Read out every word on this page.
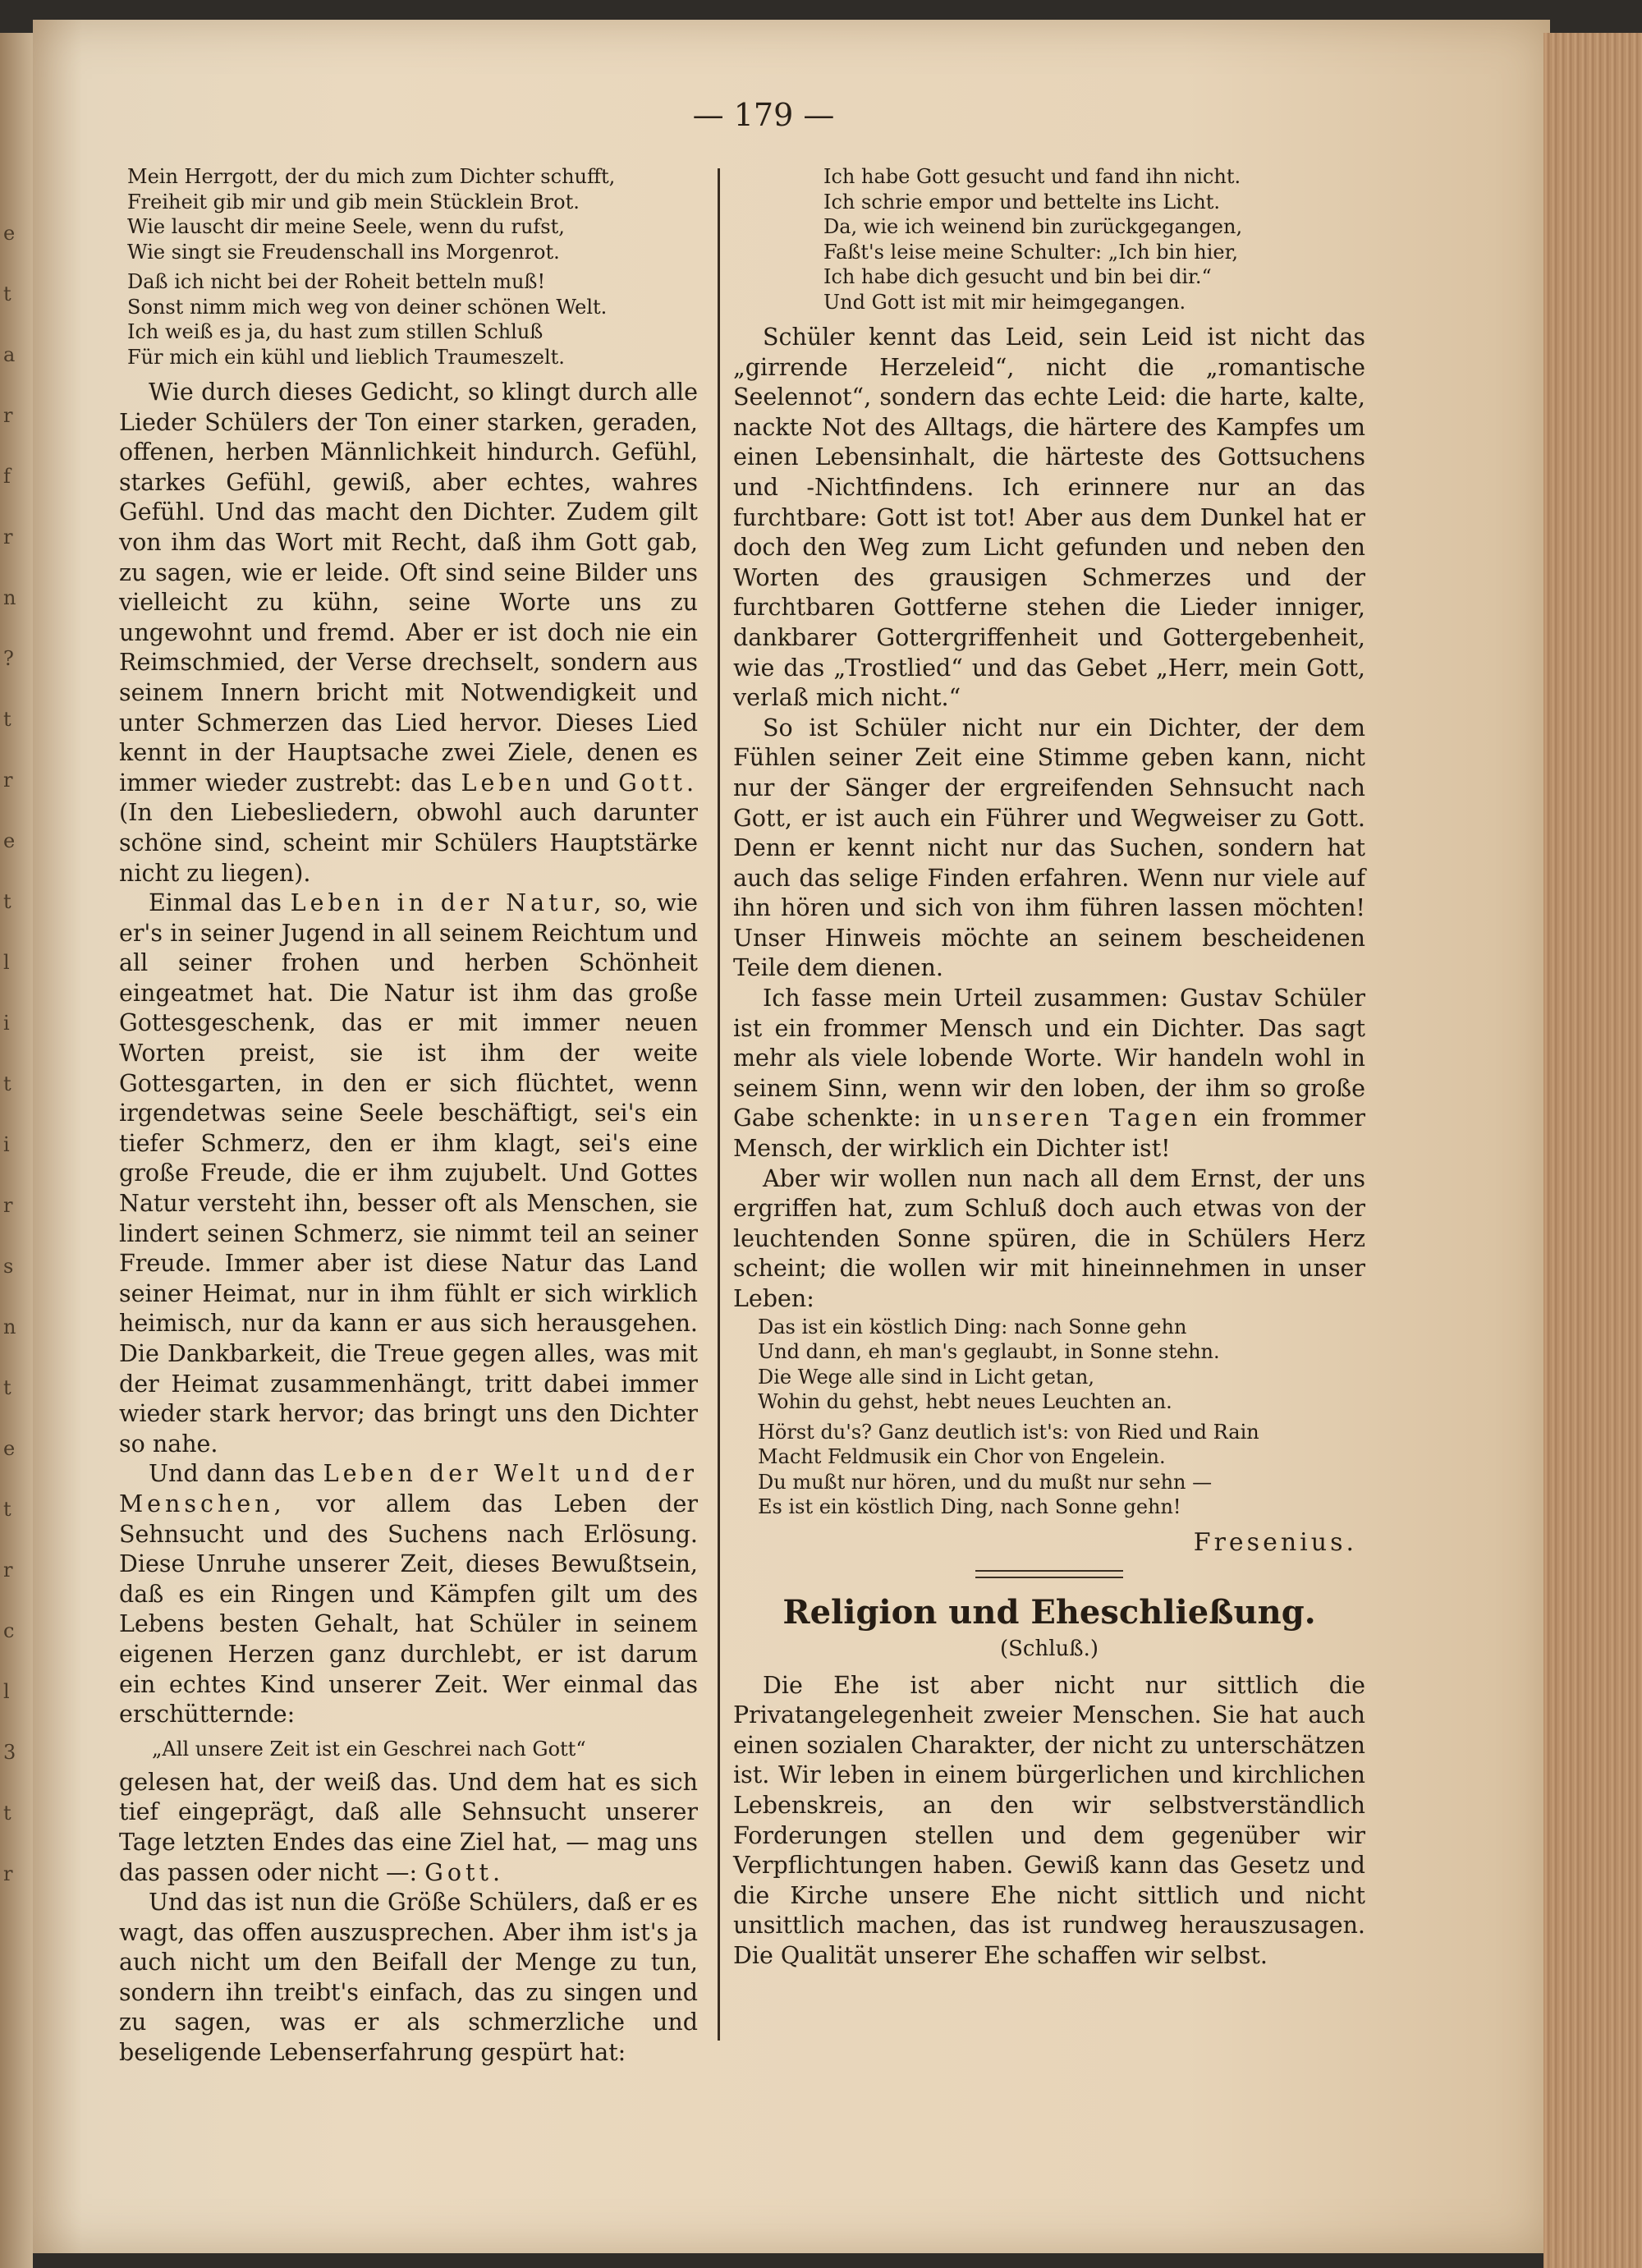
e
t
a
r
f
r
n
?
t
r
e
t
l
i
t
i
r
s
n
t
e
t
r
c
l
3
t
r
— 179 —

Mein Herrgott, der du mich zum Dichter schufft,

Freiheit gib mir und gib mein Stücklein Brot.

Wie lauscht dir meine Seele, wenn du rufst,

Wie singt sie Freudenschall ins Morgenrot.

Daß ich nicht bei der Roheit betteln muß!

Sonst nimm mich weg von deiner schönen Welt.

Ich weiß es ja, du hast zum stillen Schluß

Für mich ein kühl und lieblich Traumeszelt.

Wie durch dieses Gedicht, so klingt durch alle Lieder Schülers der Ton einer starken, geraden, offenen, herben Männlichkeit hindurch. Gefühl, starkes Gefühl, gewiß, aber echtes, wahres Gefühl. Und das macht den Dichter. Zudem gilt von ihm das Wort mit Recht, daß ihm Gott gab, zu sagen, wie er leide. Oft sind seine Bilder uns vielleicht zu kühn, seine Worte uns zu ungewohnt und fremd. Aber er ist doch nie ein Reimschmied, der Verse drechselt, sondern aus seinem Innern bricht mit Notwendigkeit und unter Schmerzen das Lied hervor. Dieses Lied kennt in der Hauptsache zwei Ziele, denen es immer wieder zustrebt: das Leben und Gott. (In den Liebesliedern, obwohl auch darunter schöne sind, scheint mir Schülers Hauptstärke nicht zu liegen).

Einmal das Leben in der Natur, so, wie er's in seiner Jugend in all seinem Reichtum und all seiner frohen und herben Schönheit eingeatmet hat. Die Natur ist ihm das große Gottesgeschenk, das er mit immer neuen Worten preist, sie ist ihm der weite Gottesgarten, in den er sich flüchtet, wenn irgendetwas seine Seele beschäftigt, sei's ein tiefer Schmerz, den er ihm klagt, sei's eine große Freude, die er ihm zujubelt. Und Gottes Natur versteht ihn, besser oft als Menschen, sie lindert seinen Schmerz, sie nimmt teil an seiner Freude. Immer aber ist diese Natur das Land seiner Heimat, nur in ihm fühlt er sich wirklich heimisch, nur da kann er aus sich herausgehen. Die Dankbarkeit, die Treue gegen alles, was mit der Heimat zusammenhängt, tritt dabei immer wieder stark hervor; das bringt uns den Dichter so nahe.

Und dann das Leben der Welt und der Menschen, vor allem das Leben der Sehnsucht und des Suchens nach Erlösung. Diese Unruhe unserer Zeit, dieses Bewußtsein, daß es ein Ringen und Kämpfen gilt um des Lebens besten Gehalt, hat Schüler in seinem eigenen Herzen ganz durchlebt, er ist darum ein echtes Kind unserer Zeit. Wer einmal das erschütternde:

„All unsere Zeit ist ein Geschrei nach Gott“

gelesen hat, der weiß das. Und dem hat es sich tief eingeprägt, daß alle Sehnsucht unserer Tage letzten Endes das eine Ziel hat, — mag uns das passen oder nicht —: Gott.

Und das ist nun die Größe Schülers, daß er es wagt, das offen auszusprechen. Aber ihm ist's ja auch nicht um den Beifall der Menge zu tun, sondern ihn treibt's einfach, das zu singen und zu sagen, was er als schmerzliche und beseligende Lebenserfahrung gespürt hat:

Ich habe Gott gesucht und fand ihn nicht.

Ich schrie empor und bettelte ins Licht.

Da, wie ich weinend bin zurückgegangen,

Faßt's leise meine Schulter: „Ich bin hier,

Ich habe dich gesucht und bin bei dir.“

Und Gott ist mit mir heimgegangen.

Schüler kennt das Leid, sein Leid ist nicht das „girrende Herzeleid“, nicht die „romantische Seelennot“, sondern das echte Leid: die harte, kalte, nackte Not des Alltags, die härtere des Kampfes um einen Lebensinhalt, die härteste des Gottsuchens und -Nichtfindens. Ich erinnere nur an das furchtbare: Gott ist tot! Aber aus dem Dunkel hat er doch den Weg zum Licht gefunden und neben den Worten des grausigen Schmerzes und der furchtbaren Gottferne stehen die Lieder inniger, dankbarer Gottergriffenheit und Gottergebenheit, wie das „Trostlied“ und das Gebet „Herr, mein Gott, verlaß mich nicht.“

So ist Schüler nicht nur ein Dichter, der dem Fühlen seiner Zeit eine Stimme geben kann, nicht nur der Sänger der ergreifenden Sehnsucht nach Gott, er ist auch ein Führer und Wegweiser zu Gott. Denn er kennt nicht nur das Suchen, sondern hat auch das selige Finden erfahren. Wenn nur viele auf ihn hören und sich von ihm führen lassen möchten! Unser Hinweis möchte an seinem bescheidenen Teile dem dienen.

Ich fasse mein Urteil zusammen: Gustav Schüler ist ein frommer Mensch und ein Dichter. Das sagt mehr als viele lobende Worte. Wir handeln wohl in seinem Sinn, wenn wir den loben, der ihm so große Gabe schenkte: in unseren Tagen ein frommer Mensch, der wirklich ein Dichter ist!

Aber wir wollen nun nach all dem Ernst, der uns ergriffen hat, zum Schluß doch auch etwas von der leuchtenden Sonne spüren, die in Schülers Herz scheint; die wollen wir mit hineinnehmen in unser Leben:

Das ist ein köstlich Ding: nach Sonne gehn

Und dann, eh man's geglaubt, in Sonne stehn.

Die Wege alle sind in Licht getan,

Wohin du gehst, hebt neues Leuchten an.

Hörst du's? Ganz deutlich ist's: von Ried und Rain

Macht Feldmusik ein Chor von Engelein.

Du mußt nur hören, und du mußt nur sehn —

Es ist ein köstlich Ding, nach Sonne gehn!

Fresenius.
Religion und Eheschließung.
(Schluß.)

Die Ehe ist aber nicht nur sittlich die Privatangelegenheit zweier Menschen. Sie hat auch einen sozialen Charakter, der nicht zu unterschätzen ist. Wir leben in einem bürgerlichen und kirchlichen Lebenskreis, an den wir selbstverständlich Forderungen stellen und dem gegenüber wir Verpflichtungen haben. Gewiß kann das Gesetz und die Kirche unsere Ehe nicht sittlich und nicht unsittlich machen, das ist rundweg herauszusagen. Die Qualität unserer Ehe schaffen wir selbst.
